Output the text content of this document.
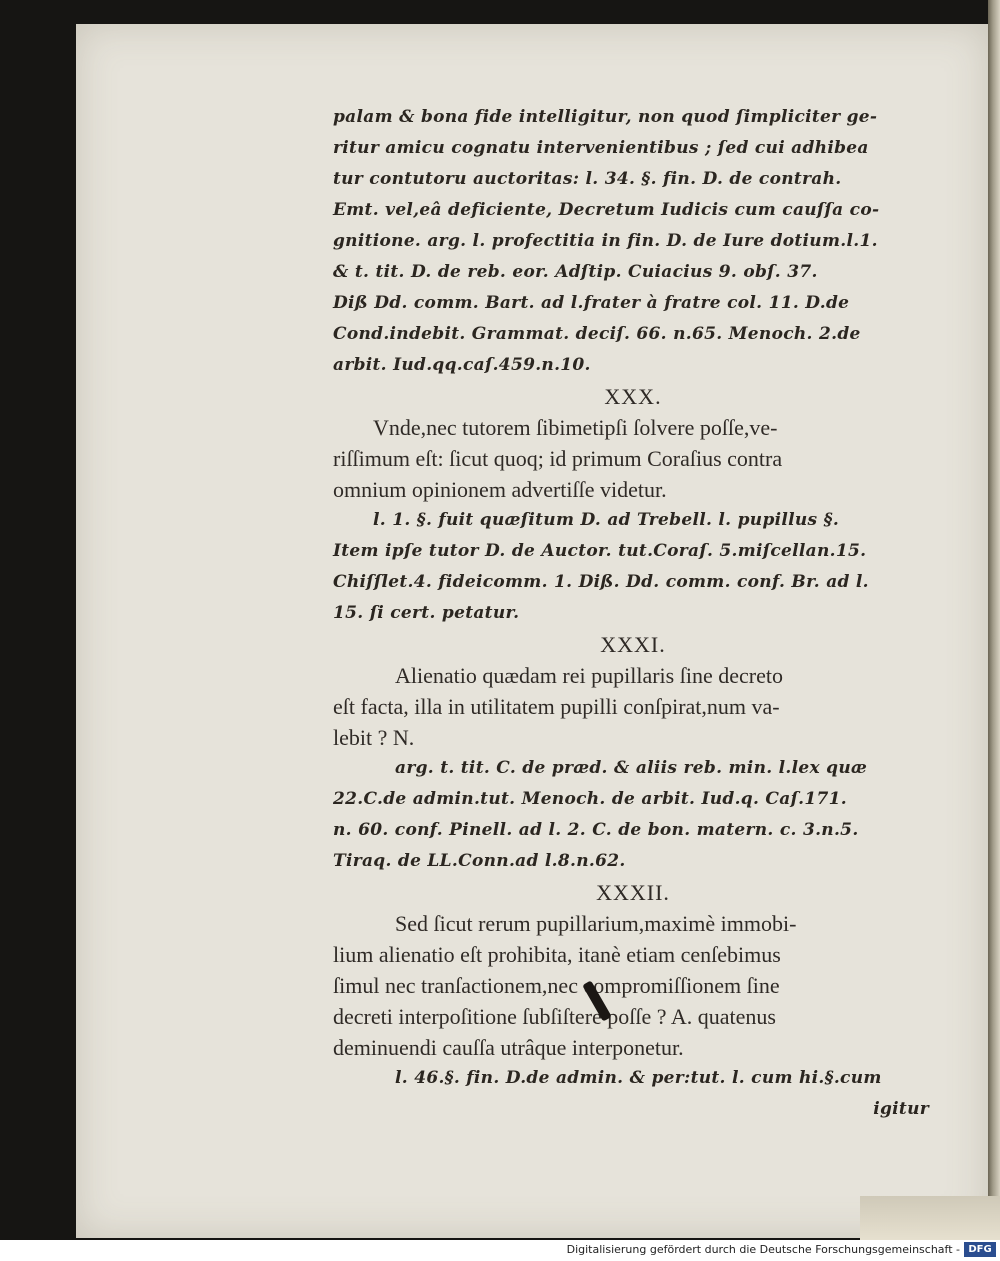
palam & bona fide intelligitur, non quod ſimpliciter ge-
ritur amicu cognatu intervenientibus ; ſed cui adhibea
tur contutoru auctoritas: l. 34. §. fin. D. de contrah.
Emt. vel,eâ deficiente, Decretum Iudicis cum cauſſa co-
gnitione. arg. l. profectitia in fin. D. de Iure dotium.l.1.
& t. tit. D. de reb. eor. Adſtip. Cuiacius 9. obſ. 37.
Diß Dd. comm. Bart. ad l.frater à fratre col. 11. D.de
Cond.indebit. Grammat. deciſ. 66. n.65. Menoch. 2.de
arbit. Iud.qq.caſ.459.n.10.
XXX.
Vnde,nec tutorem ſibimetipſi ſolvere poſſe,ve-
riſſimum eſt: ſicut quoq; id primum Coraſius contra
omnium opinionem advertiſſe videtur.
l. 1. §. fuit quæſitum D. ad Trebell. l. pupillus §.
Item ipſe tutor D. de Auctor. tut.Coraſ. 5.miſcellan.15.
Chiſſlet.4. fideicomm. 1. Diß. Dd. comm. conf. Br. ad l.
15. ſi cert. petatur.
XXXI.
Alienatio quædam rei pupillaris ſine decreto
eſt facta, illa in utilitatem pupilli conſpirat,num va-
lebit ? N.
arg. t. tit. C. de præd. & aliis reb. min. l.lex quæ
22.C.de admin.tut. Menoch. de arbit. Iud.q. Caſ.171.
n. 60. conf. Pinell. ad l. 2. C. de bon. matern. c. 3.n.5.
Tiraq. de LL.Conn.ad l.8.n.62.
XXXII.
Sed ſicut rerum pupillarium,maximè immobi-
lium alienatio eſt prohibita, itanè etiam cenſebimus
ſimul nec tranſactionem,nec compromiſſionem ſine
decreti interpoſitione ſubſiſtere poſſe ? A. quatenus
deminuendi cauſſa utrâque interponetur.
l. 46.§. fin. D.de admin. & per:tut. l. cum hi.§.cum
igitur
Digitalisierung gefördert durch die Deutsche Forschungsgemeinschaft - DFG
